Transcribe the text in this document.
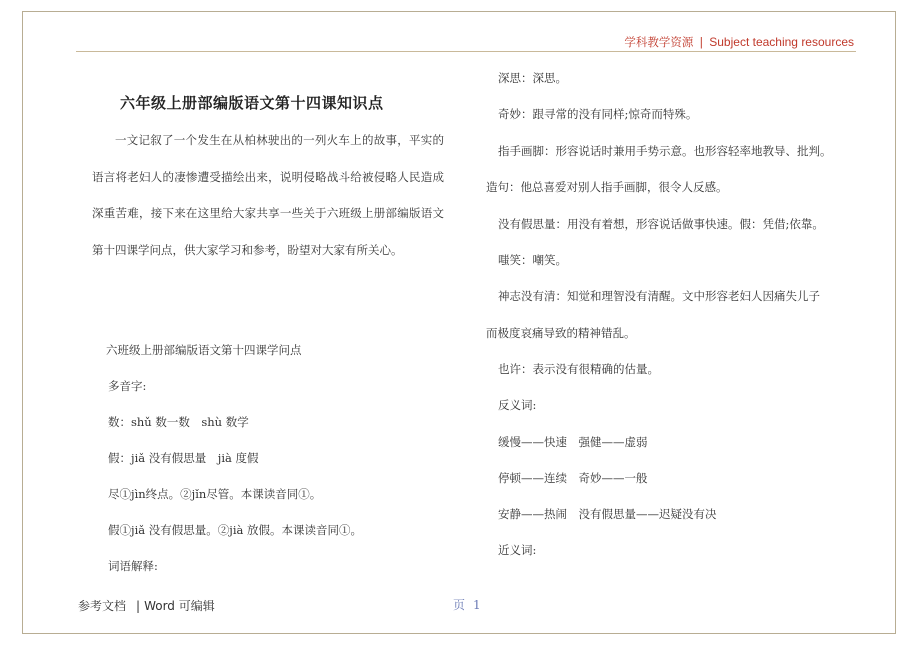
学科教学资源 | Subject teaching resources
六年级上册部编版语文第十四课知识点
一文记叙了一个发生在从柏林驶出的一列火车上的故事，平实的语言将老妇人的凄惨遭受描绘出来，说明侵略战斗给被侵略人民造成深重苦难，接下来在这里给大家共享一些关于六班级上册部编版语文第十四课学问点，供大家学习和参考，盼望对大家有所关心。
六班级上册部编版语文第十四课学问点
多音字:
数：shǔ 数一数　shù 数学
假：jiǎ 没有假思量　jià 度假
尽①jìn终点。②jǐn尽管。本课读音同①。
假①jiǎ 没有假思量。②jià 放假。本课读音同①。
词语解释:
深思：深思。
奇妙：跟寻常的没有同样;惊奇而特殊。
指手画脚：形容说话时兼用手势示意。也形容轻率地教导、批判。
造句：他总喜爱对别人指手画脚，很令人反感。
没有假思量：用没有着想，形容说话做事快速。假：凭借;依靠。
嗤笑：嘲笑。
神志没有清：知觉和理智没有清醒。文中形容老妇人因痛失儿子
而极度哀痛导致的精神错乱。
也许：表示没有很精确的估量。
反义词:
缓慢——快速　强健——虚弱
停顿——连续　奇妙——一般
安静——热闹　没有假思量——迟疑没有决
近义词:
参考文档 | Word 可编辑	页 1
